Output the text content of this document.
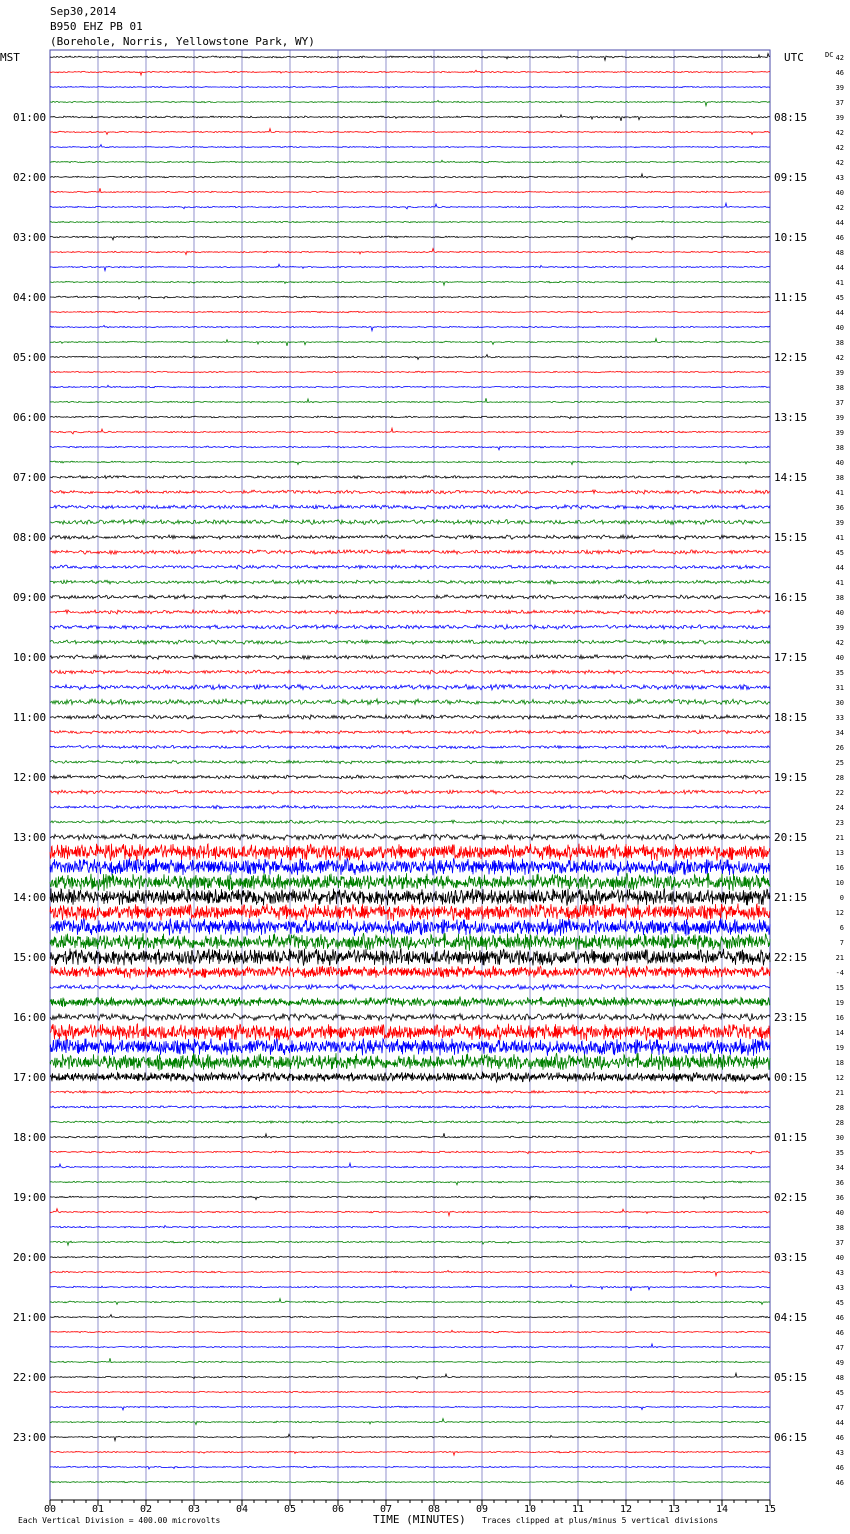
Sep30,2014
B950 EHZ PB 01
(Borehole, Norris, Yellowstone Park, WY)
MST	UTC	DC
Each Vertical Division = 400.00 microvolts	TIME (MINUTES) Traces clipped at plus/minus 5 vertical divisions
01:00
02:00
03:00
04:00
05:00
06:00
07:00
08:00
09:00
10:00
11:00
12:00
13:00
14:00
15:00
16:00
17:00
18:00
19:00
20:00
21:00
22:00
23:00
08:15
09:15
10:15
11:15
12:15
13:15
14:15
15:15
16:15
17:15
18:15
19:15
20:15
21:15
22:15
23:15
00:15
01:15
02:15
03:15
04:15
05:15
06:15
42
46
39
37
39
42
42
42
43
40
42
44
46
48
44
41
45
44
40
38
42
39
38
37
39
39
38
40
38
41
36
39
41
45
44
41
38
40
39
42
40
35
31
30
33
34
26
25
28
22
24
23
21
13
16
10
0
12
6
7
21
-4
15
19
16
14
19
18
12
21
28
28
30
35
34
36
36
40
38
37
40
43
43
45
46
46
47
49
48
45
47
44
46
43
46
46
00	01	02	03	04	05	06	07	08	09	10	11	12	13	14	15
